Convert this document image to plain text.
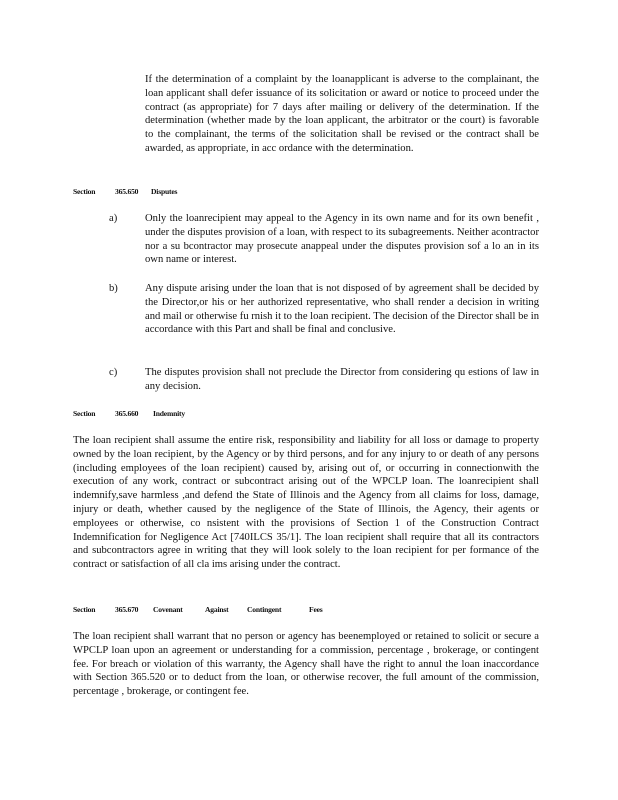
If the determination of a complaint by the loanapplicant is adverse to the complainant, the loan applicant shall defer issuance of its solicitation or award or notice to proceed under the contract (as appropriate) for 7 days after mailing or delivery of the determination. If the determination (whether made by the loan applicant, the arbitrator or the court) is favorable to the complainant, the terms of the solicitation shall be revised or the contract shall be awarded, as appropriate, in acc ordance with the determination.
Section	365.650 Disputes
a)	Only the loanrecipient may appeal to the Agency in its own name and for its own benefit , under the disputes provision of a loan, with respect to its subagreements. Neither acontractor nor a su bcontractor may prosecute anappeal under the disputes provision sof a lo an in its own name or interest.
b)	Any dispute arising under the loan that is not disposed of by agreement shall be decided by the Director,or his or her authorized representative, who shall render a decision in writing and mail or otherwise fu rnish it to the loan recipient. The decision of the Director shall be in accordance with this Part and shall be final and conclusive.
c)	The disputes provision shall not preclude the Director from considering qu estions of law in any decision.
Section	365.660 Indemnity
The loan recipient shall assume the entire risk, responsibility and liability for all loss or damage to property owned by the loan recipient, by the Agency or by third persons, and for any injury to or death of any persons (including employees of the loan recipient) caused by, arising out of, or occurring in connectionwith the execution of any work, contract or subcontract arising out of the WPCLP loan. The loanrecipient shall indemnify,save harmless ,and defend the State of Illinois and the Agency from all claims for loss, damage, injury or death, whether caused by the negligence of the State of Illinois, the Agency, their agents or employees or otherwise, co nsistent with the provisions of Section 1 of the Construction Contract Indemnification for Negligence Act [740ILCS 35/1]. The loan recipient shall require that all its contractors and subcontractors agree in writing that they will look solely to the loan recipient for per formance of the contract or satisfaction of all cla ims arising under the contract.
Section	365.670 Covenant	Against Contingent	Fees
The loan recipient shall warrant that no person or agency has beenemployed or retained to solicit or secure a WPCLP loan upon an agreement or understanding for a commission, percentage , brokerage, or contingent fee. For breach or violation of this warranty, the Agency shall have the right to annul the loan inaccordance with Section 365.520 or to deduct from the loan, or otherwise recover, the full amount of the commission, percentage , brokerage, or contingent fee.
